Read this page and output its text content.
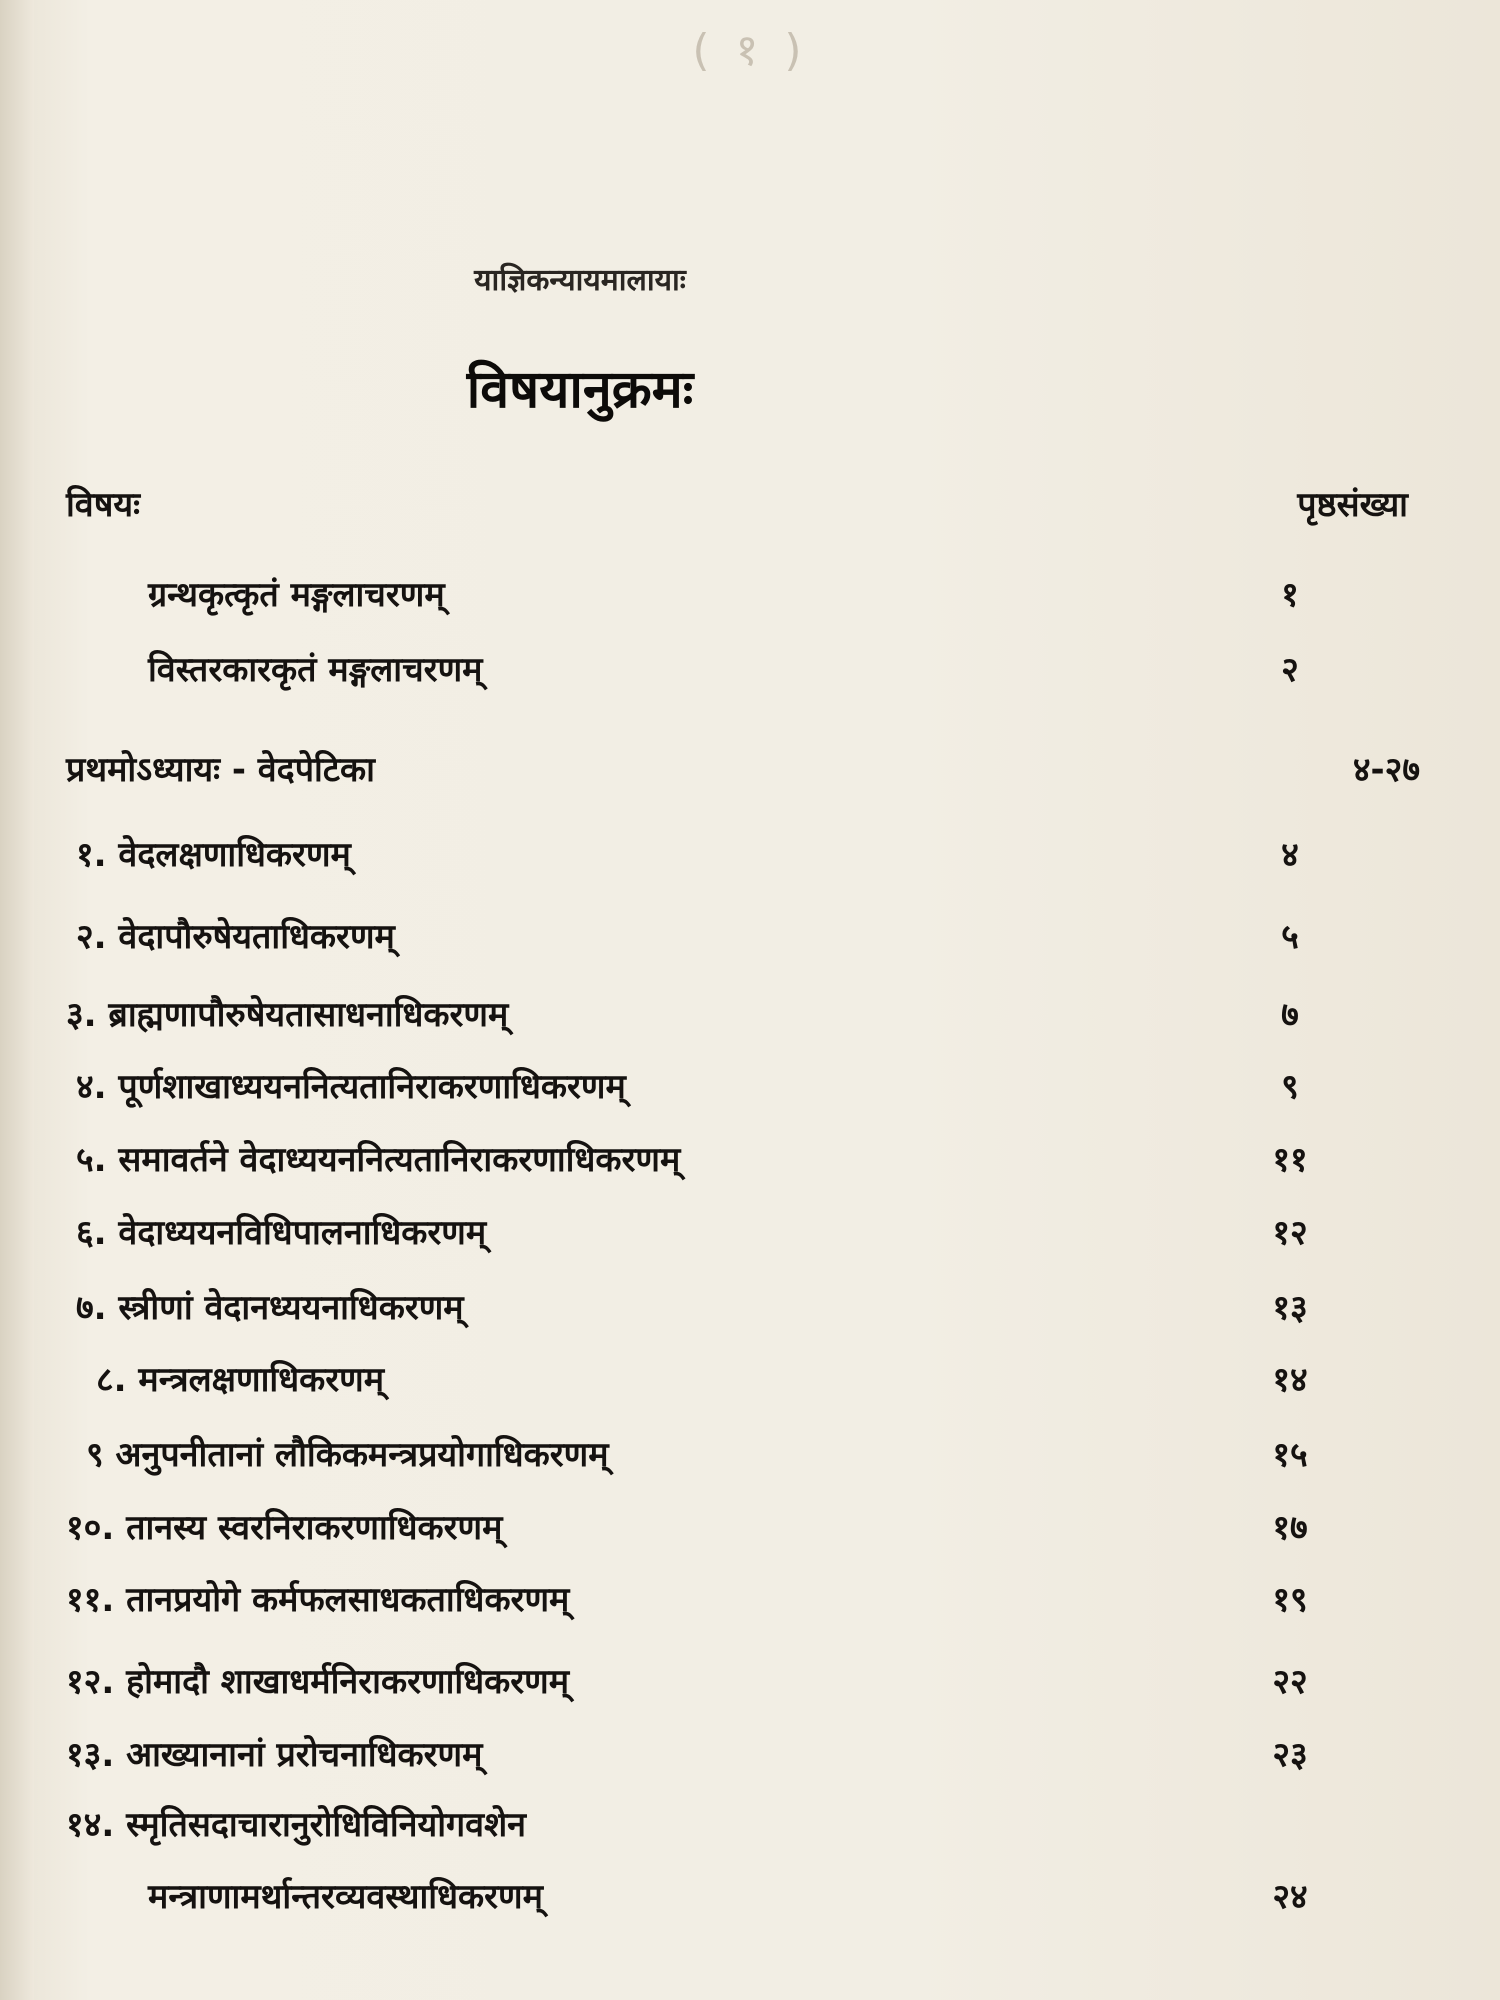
( १ )
याज्ञिकन्यायमालायाः
विषयानुक्रमः
विषयः	पृष्ठसंख्या
ग्रन्थकृत्कृतं मङ्गलाचरणम्	१
विस्तरकारकृतं मङ्गलाचरणम्	२
प्रथमोऽध्यायः - वेदपेटिका	४-२७
१. वेदलक्षणाधिकरणम्	४
२. वेदापौरुषेयताधिकरणम्	५
३. ब्राह्मणापौरुषेयतासाधनाधिकरणम्	७
४. पूर्णशाखाध्ययननित्यतानिराकरणाधिकरणम्	९
५. समावर्तने वेदाध्ययननित्यतानिराकरणाधिकरणम्	११
६. वेदाध्ययनविधिपालनाधिकरणम्	१२
७. स्त्रीणां वेदानध्ययनाधिकरणम्	१३
८. मन्त्रलक्षणाधिकरणम्	१४
९ अनुपनीतानां लौकिकमन्त्रप्रयोगाधिकरणम्	१५
१०. तानस्य स्वरनिराकरणाधिकरणम्	१७
११. तानप्रयोगे कर्मफलसाधकताधिकरणम्	१९
१२. होमादौ शाखाधर्मनिराकरणाधिकरणम्	२२
१३. आख्यानानां प्ररोचनाधिकरणम्	२३
१४. स्मृतिसदाचारानुरोधिविनियोगवशेन
मन्त्राणामर्थान्तरव्यवस्थाधिकरणम्	२४
